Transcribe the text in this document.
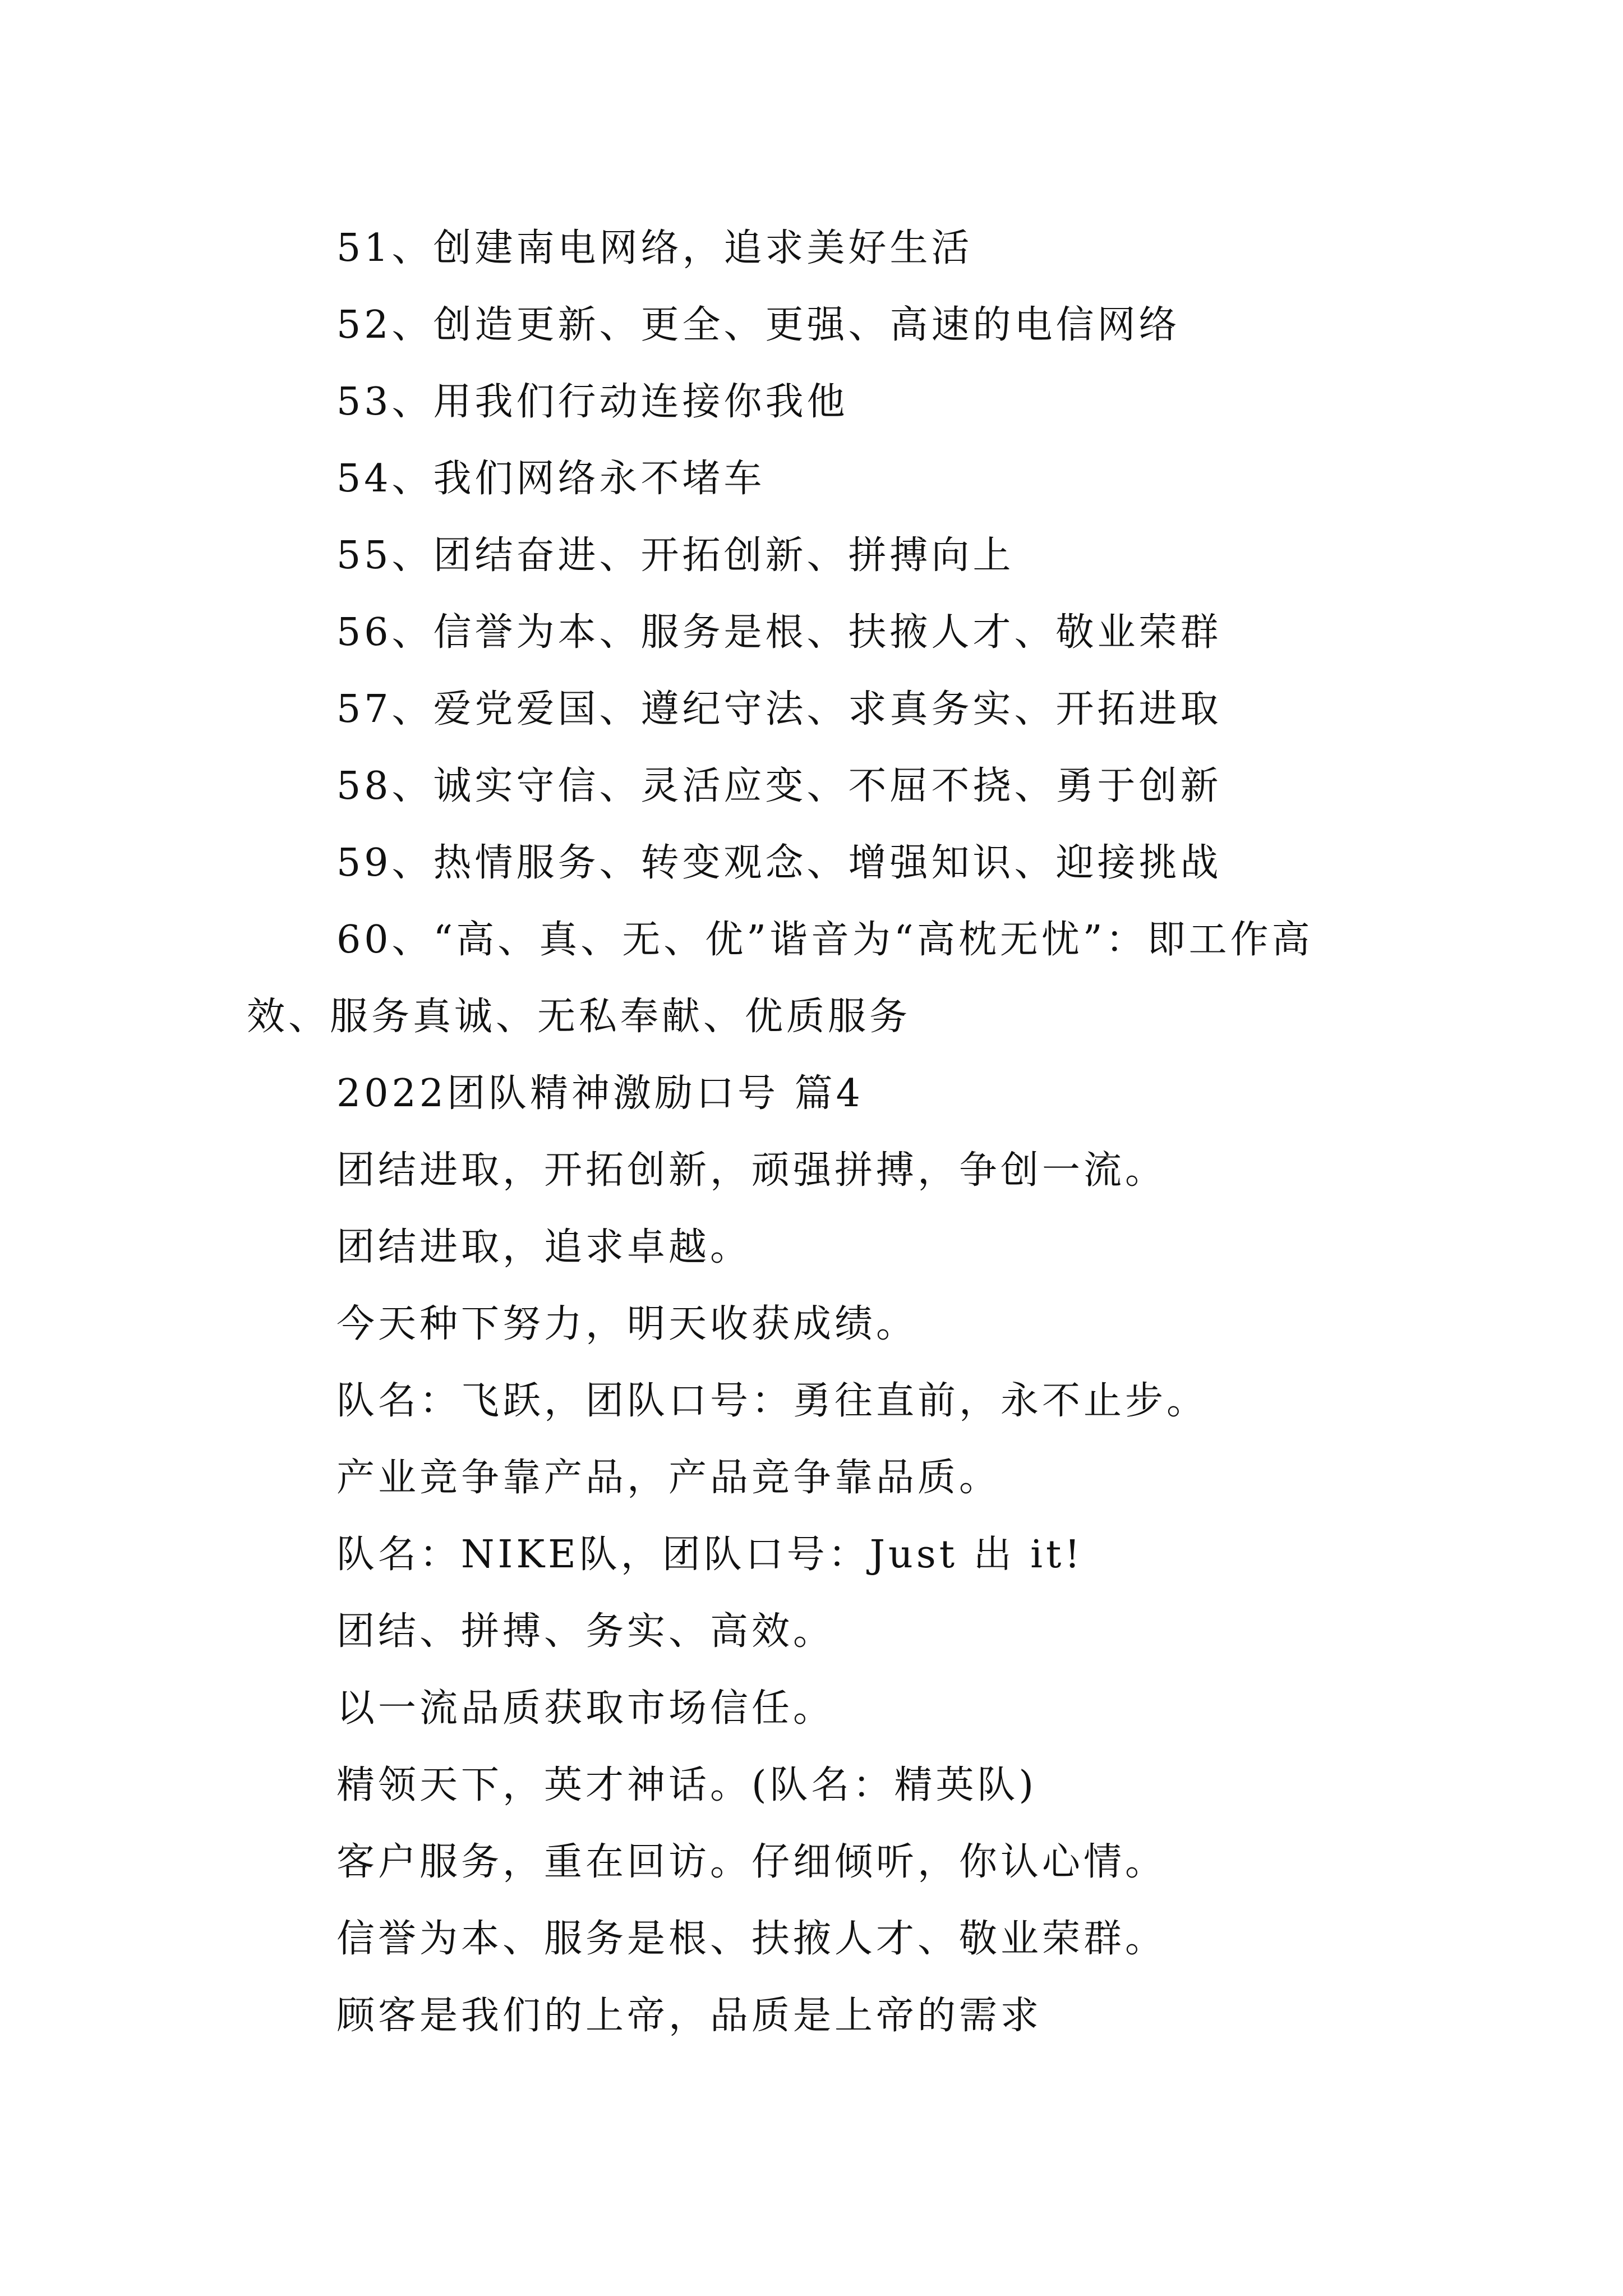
51、创建南电网络，追求美好生活
52、创造更新、更全、更强、高速的电信网络
53、用我们行动连接你我他
54、我们网络永不堵车
55、团结奋进、开拓创新、拼搏向上
56、信誉为本、服务是根、扶掖人才、敬业荣群
57、爱党爱国、遵纪守法、求真务实、开拓进取
58、诚实守信、灵活应变、不屈不挠、勇于创新
59、热情服务、转变观念、增强知识、迎接挑战
60、“高、真、无、优”谐音为“高枕无忧”：即工作高
效、服务真诚、无私奉献、优质服务
2022团队精神激励口号 篇4
团结进取，开拓创新，顽强拼搏，争创一流。
团结进取，追求卓越。
今天种下努力，明天收获成绩。
队名：飞跃，团队口号：勇往直前，永不止步。
产业竞争靠产品，产品竞争靠品质。
队名：NIKE队，团队口号：Just 出 it!
团结、拼搏、务实、高效。
以一流品质获取市场信任。
精领天下，英才神话。(队名：精英队)
客户服务，重在回访。仔细倾听，你认心情。
信誉为本、服务是根、扶掖人才、敬业荣群。
顾客是我们的上帝，品质是上帝的需求
